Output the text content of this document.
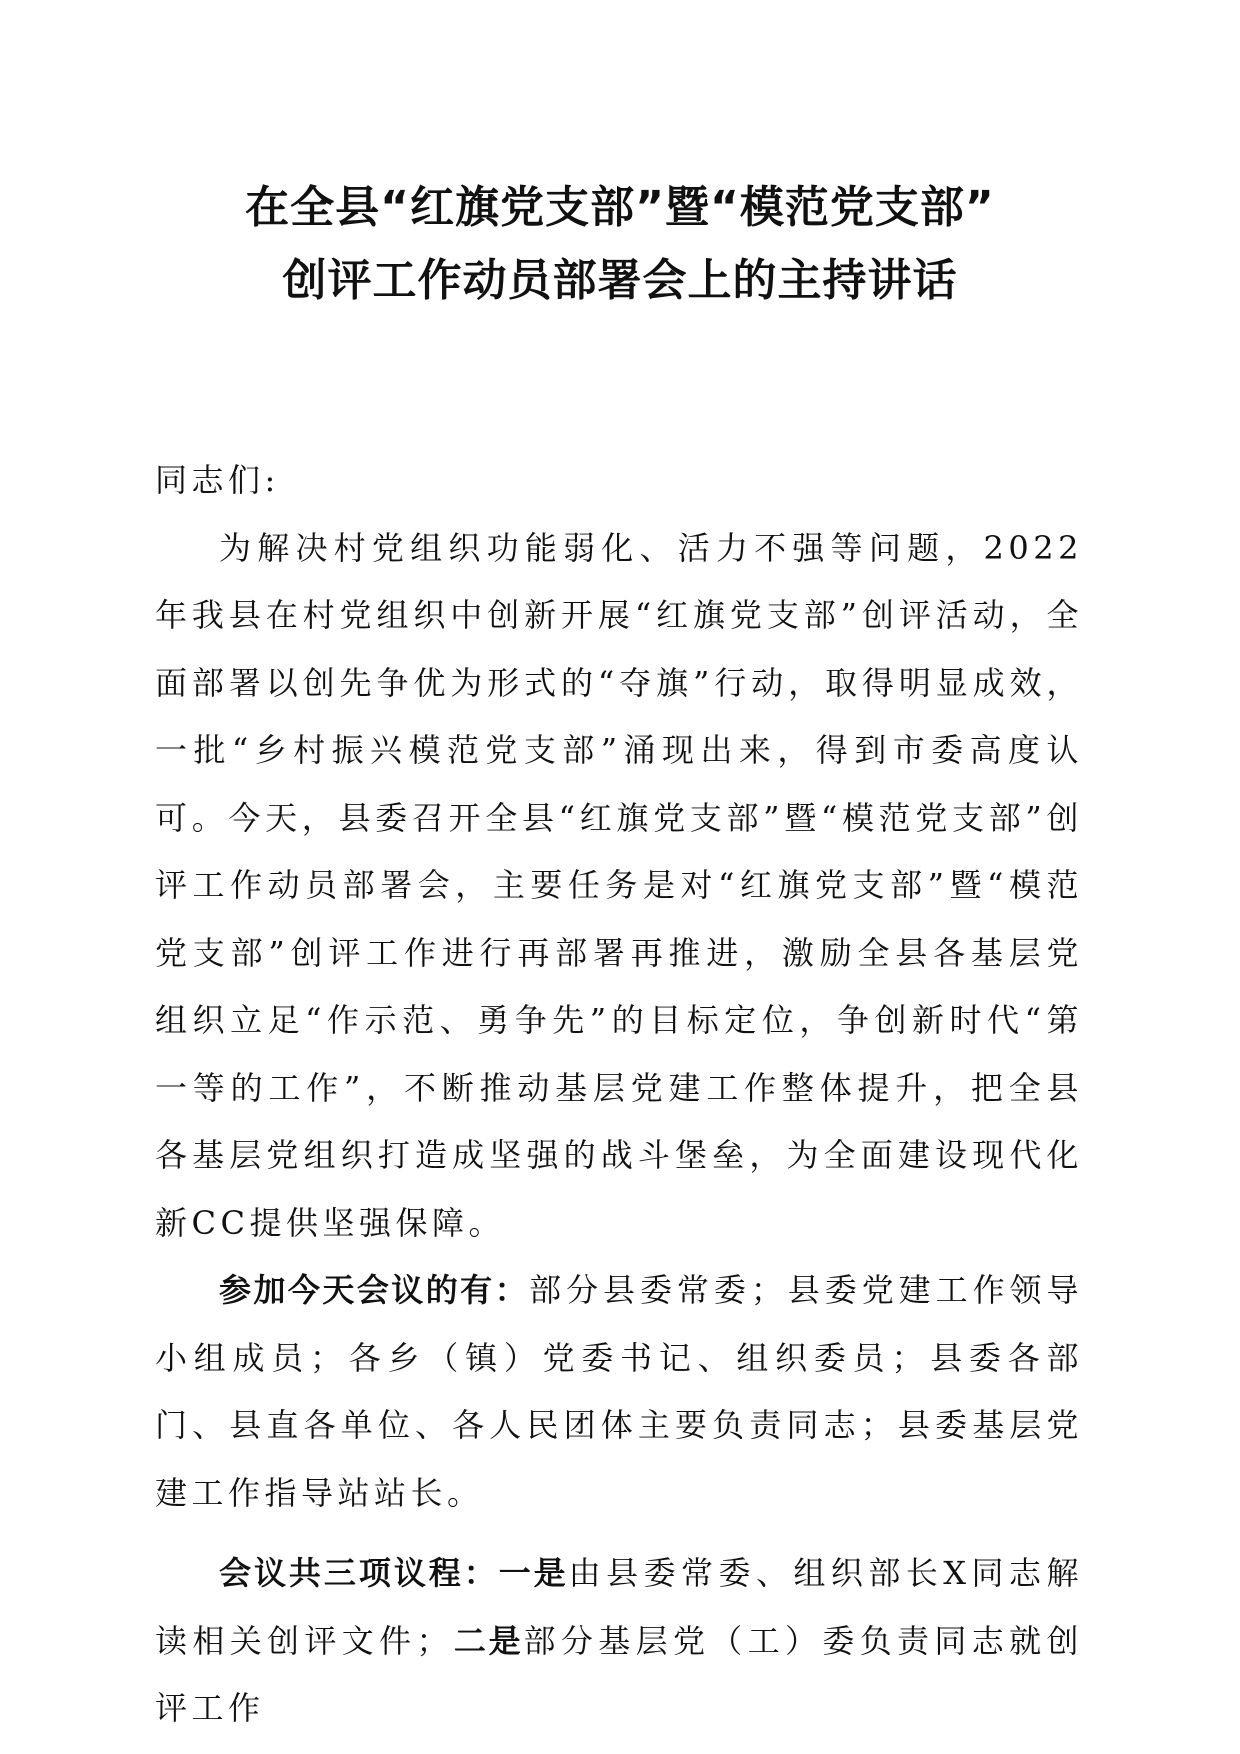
在全县“红旗党支部”暨“模范党支部”
创评工作动员部署会上的主持讲话

同志们:

为解决村党组织功能弱化、活力不强等问题，2022年我县在村党组织中创新开展“红旗党支部”创评活动，全面部署以创先争优为形式的“夺旗”行动，取得明显成效，一批“乡村振兴模范党支部”涌现出来，得到市委高度认可。今天，县委召开全县“红旗党支部”暨“模范党支部”创评工作动员部署会，主要任务是对“红旗党支部”暨“模范党支部”创评工作进行再部署再推进，激励全县各基层党组织立足“作示范、勇争先”的目标定位，争创新时代“第一等的工作”，不断推动基层党建工作整体提升，把全县各基层党组织打造成坚强的战斗堡垒，为全面建设现代化新CC提供坚强保障。

参加今天会议的有：部分县委常委；县委党建工作领导小组成员；各乡（镇）党委书记、组织委员；县委各部门、县直各单位、各人民团体主要负责同志；县委基层党建工作指导站站长。

会议共三项议程：一是由县委常委、组织部长X同志解读相关创评文件；二是部分基层党（工）委负责同志就创评工作
